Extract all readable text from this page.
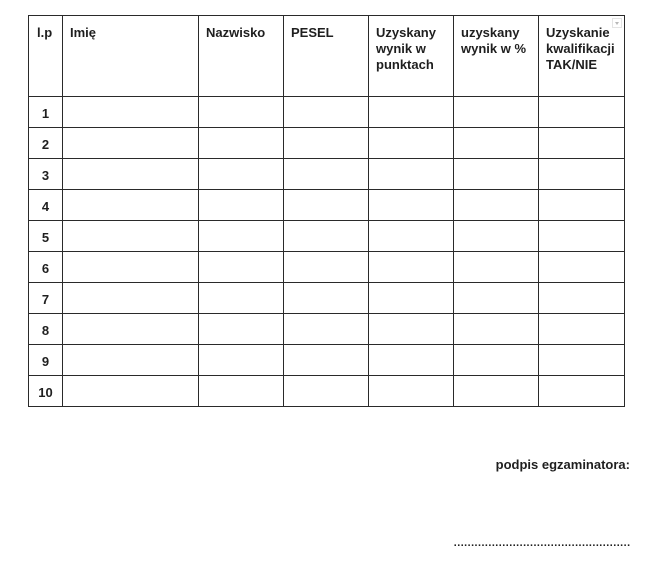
l.p	Imię	Nazwisko	PESEL	Uzyskany wynik w punktach	uzyskany wynik w %	Uzyskanie kwalifikacji TAK/NIE

1						
2						
3						
4						
5						
6						
7						
8						
9						
10						
podpis egzaminatora:
……………………………………………
